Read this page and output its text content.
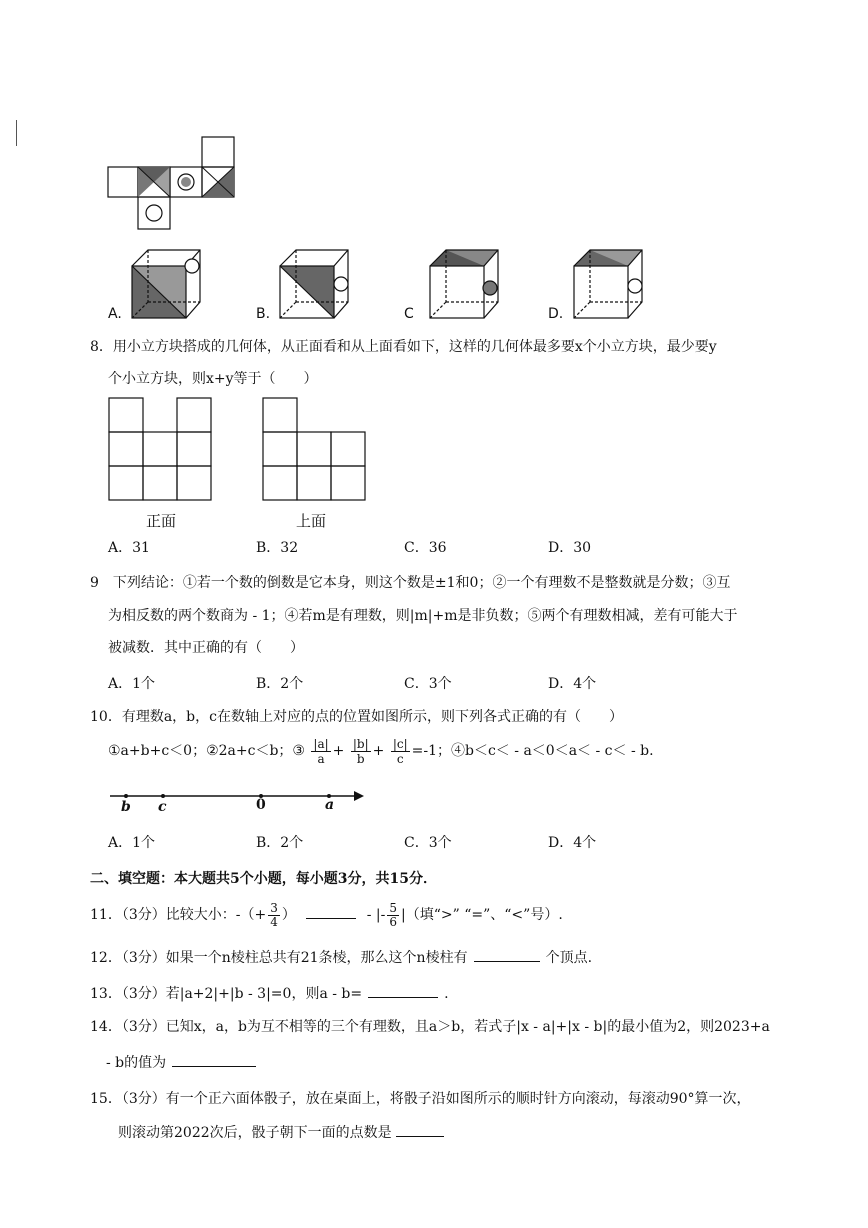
A.	B.	C	D.
8．用小立方块搭成的几何体，从正面看和从上面看如下，这样的几何体最多要x个小立方块，最少要y
个小立方块，则x+y等于（　　）
正面	上面
A．31	B．32	C．36	D．30
9　下列结论：①若一个数的倒数是它本身，则这个数是±1和0；②一个有理数不是整数就是分数；③互
为相反数的两个数商为 - 1；④若m是有理数，则|m|+m是非负数；⑤两个有理数相减，差有可能大于
被减数．其中正确的有（　　）
A．1个	B．2个	C．3个	D．4个
10．有理数a，b，c在数轴上对应的点的位置如图所示，则下列各式正确的有（　　）
①a+b+c＜0；②2a+c＜b；③ $\frac{|a|}{a} + \frac{|b|}{b} + \frac{|c|}{c} =-1$；④b＜c＜ - a＜0＜a＜ - c＜ - b.
b c	0	a
A．1个	B．2个	C．3个	D．4个
二、填空题：本大题共5个小题，每小题3分，共15分．
11．（3分）比较大小：-（+ $\frac{3}{4}$ ）	- |- $\frac{5}{6}$ |（填“>” “=”、“<”号）.
12．（3分）如果一个n棱柱总共有21条棱，那么这个n棱柱有	个顶点.
13．（3分）若|a+2|+|b - 3|=0，则a - b=	.
14．（3分）已知x，a，b为互不相等的三个有理数，且a＞b，若式子|x - a|+|x - b|的最小值为2，则2023+a
- b的值为
15．（3分）有一个正六面体骰子，放在桌面上，将骰子沿如图所示的顺时针方向滚动，每滚动90°算一次，
则滚动第2022次后，骰子朝下一面的点数是
